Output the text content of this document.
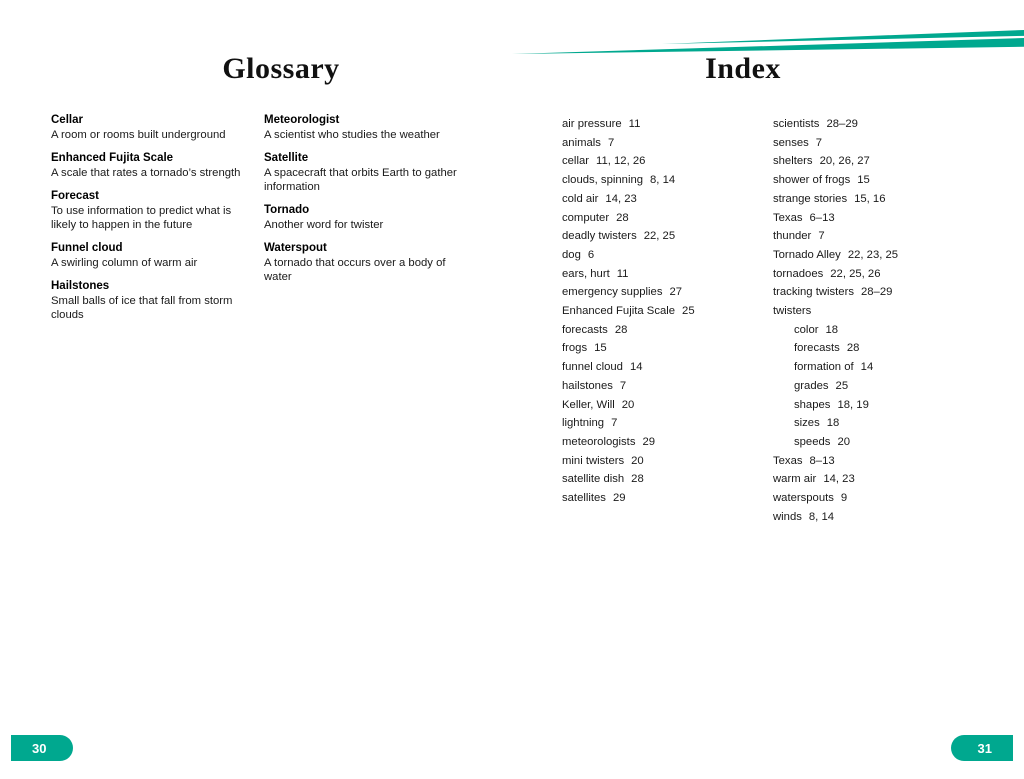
Glossary	Index
Cellar
A room or rooms built underground
Enhanced Fujita Scale
A scale that rates a tornado’s strength
Forecast
To use information to predict what is likely to happen in the future
Funnel cloud
A swirling column of warm air
Hailstones
Small balls of ice that fall from storm clouds
Meteorologist
A scientist who studies the weather
Satellite
A spacecraft that orbits Earth to gather information
Tornado
Another word for twister
Waterspout
A tornado that occurs over a body of water
air pressure 11
animals 7
cellar 11, 12, 26
clouds, spinning 8, 14
cold air 14, 23
computer 28
deadly twisters 22, 25
dog 6
ears, hurt 11
emergency supplies 27
Enhanced Fujita Scale 25
forecasts 28
frogs 15
funnel cloud 14
hailstones 7
Keller, Will 20
lightning 7
meteorologists 29
mini twisters 20
satellite dish 28
satellites 29
scientists 28–29
senses 7
shelters 20, 26, 27
shower of frogs 15
strange stories 15, 16
Texas 6–13
thunder 7
Tornado Alley 22, 23, 25
tornadoes 22, 25, 26
tracking twisters 28–29
twisters
color 18
forecasts 28
formation of 14
grades 25
shapes 18, 19
sizes 18
speeds 20
Texas 8–13
warm air 14, 23
waterspouts 9
winds 8, 14
30	31
